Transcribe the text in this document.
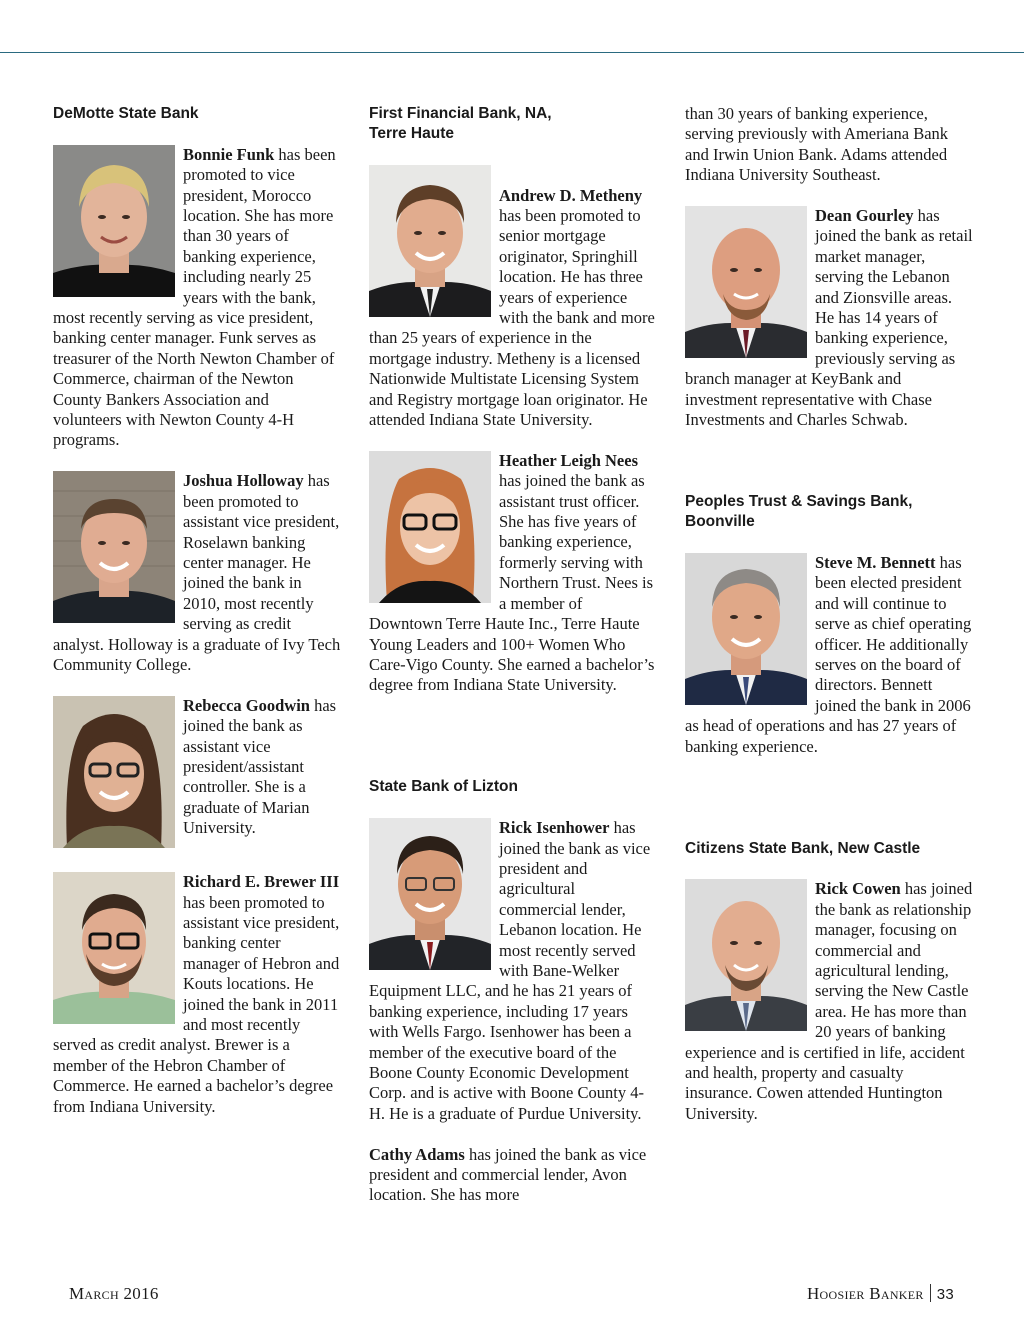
DeMotte State Bank

Bonnie Funk has been promoted to vice president, Morocco location. She has more than 30 years of banking experience, including nearly 25 years with the bank, most recently serving as vice president, banking center manager. Funk serves as treasurer of the North Newton Chamber of Commerce, chairman of the Newton County Bankers Association and volunteers with Newton County 4-H programs.

Joshua Holloway has been promoted to assistant vice president, Roselawn banking center manager. He joined the bank in 2010, most recently serving as credit analyst. Holloway is a graduate of Ivy Tech Community College.

Rebecca Goodwin has joined the bank as assistant vice president/assistant controller. She is a graduate of Marian University.

Richard E. Brewer III has been promoted to assistant vice president, banking center manager of Hebron and Kouts locations. He joined the bank in 2011 and most recently served as credit analyst. Brewer is a member of the Hebron Chamber of Commerce. He earned a bachelor’s degree from Indiana University.

First Financial Bank, NA, Terre Haute

Andrew D. Metheny has been promoted to senior mortgage originator, Springhill location. He has three years of experience with the bank and more than 25 years of experience in the mortgage industry. Metheny is a licensed Nationwide Multistate Licensing System and Registry mortgage loan originator. He attended Indiana State University.

Heather Leigh Nees has joined the bank as assistant trust officer. She has five years of banking experience, formerly serving with Northern Trust. Nees is a member of Downtown Terre Haute Inc., Terre Haute Young Leaders and 100+ Women Who Care-Vigo County. She earned a bachelor’s degree from Indiana State University.

State Bank of Lizton

Rick Isenhower has joined the bank as vice president and agricultural commercial lender, Lebanon location. He most recently served with Bane-Welker Equipment LLC, and he has 21 years of banking experience, including 17 years with Wells Fargo. Isenhower has been a member of the executive board of the Boone County Economic Development Corp. and is active with Boone County 4-H. He is a graduate of Purdue University.

Cathy Adams has joined the bank as vice president and commercial lender, Avon location. She has more

than 30 years of banking experience, serving previously with Ameriana Bank and Irwin Union Bank. Adams attended Indiana University Southeast.

Dean Gourley has joined the bank as retail market manager, serving the Lebanon and Zionsville areas. He has 14 years of banking experience, previously serving as branch manager at KeyBank and investment representative with Chase Investments and Charles Schwab.

Peoples Trust & Savings Bank, Boonville

Steve M. Bennett has been elected president and will continue to serve as chief operating officer. He additionally serves on the board of directors. Bennett joined the bank in 2006 as head of operations and has 27 years of banking experience.

Citizens State Bank, New Castle

Rick Cowen has joined the bank as relationship manager, focusing on commercial and agricultural lending, serving the New Castle area. He has more than 20 years of banking experience and is certified in life, accident and health, property and casualty insurance. Cowen attended Huntington University.

March 2016	Hoosier Banker 33
